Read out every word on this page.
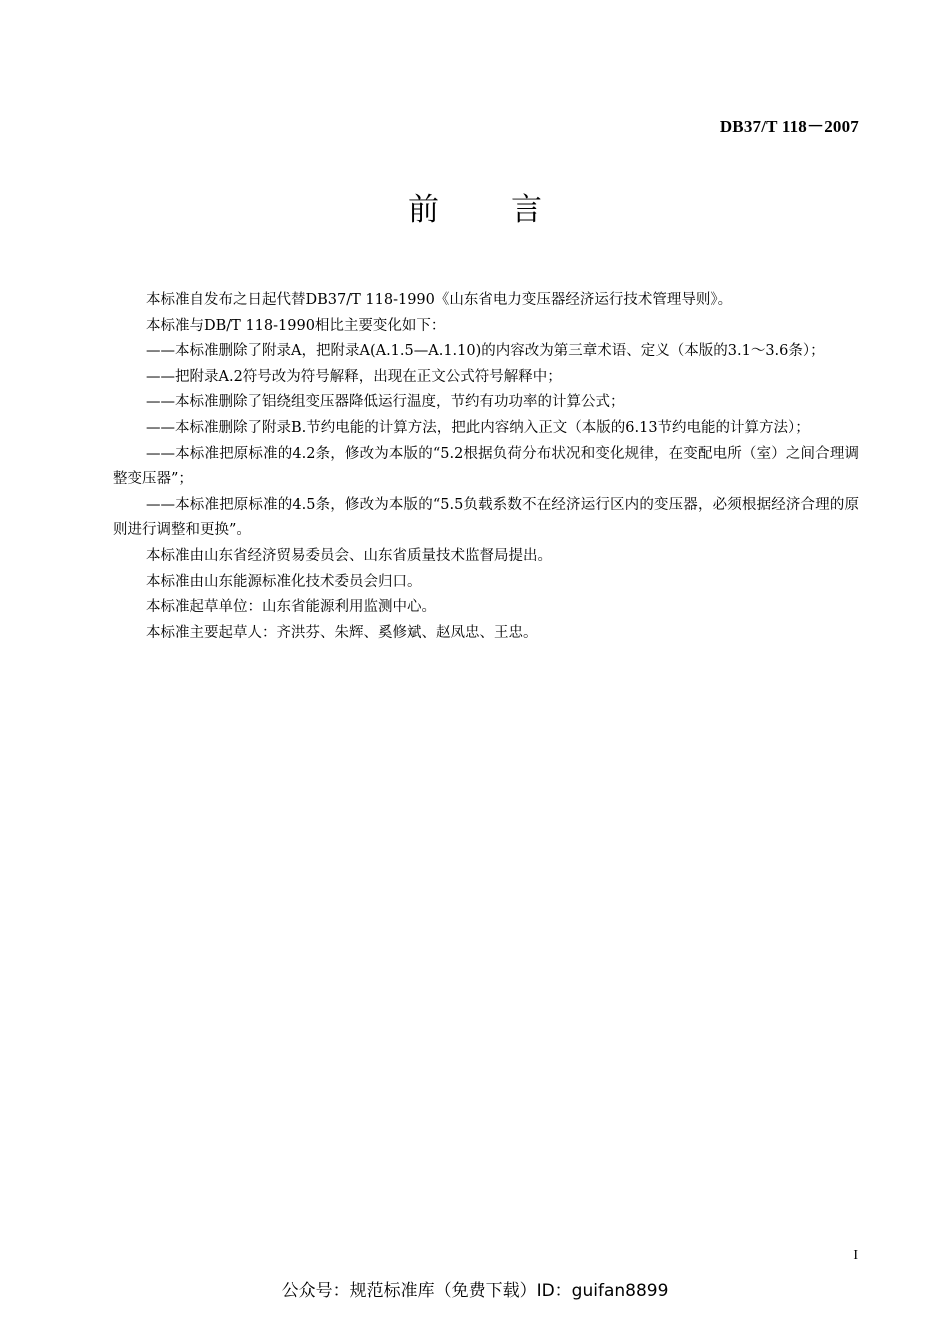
DB37/T 118－2007
前言

本标准自发布之日起代替DB37/T 118-1990《山东省电力变压器经济运行技术管理导则》。

本标准与DB/T 118-1990相比主要变化如下：

——本标准删除了附录A，把附录A(A.1.5—A.1.10)的内容改为第三章术语、定义（本版的3.1～3.6条）；

——把附录A.2符号改为符号解释，出现在正文公式符号解释中；

——本标准删除了铝绕组变压器降低运行温度，节约有功功率的计算公式；

——本标准删除了附录B.节约电能的计算方法，把此内容纳入正文（本版的6.13节约电能的计算方法）；

——本标准把原标准的4.2条，修改为本版的“5.2根据负荷分布状况和变化规律，在变配电所（室）之间合理调整变压器”；

——本标准把原标准的4.5条，修改为本版的“5.5负载系数不在经济运行区内的变压器，必须根据经济合理的原则进行调整和更换”。

本标准由山东省经济贸易委员会、山东省质量技术监督局提出。

本标准由山东能源标准化技术委员会归口。

本标准起草单位：山东省能源利用监测中心。

本标准主要起草人：齐洪芬、朱辉、奚修斌、赵凤忠、王忠。

I
公众号：规范标准库（免费下载）ID：guifan8899
